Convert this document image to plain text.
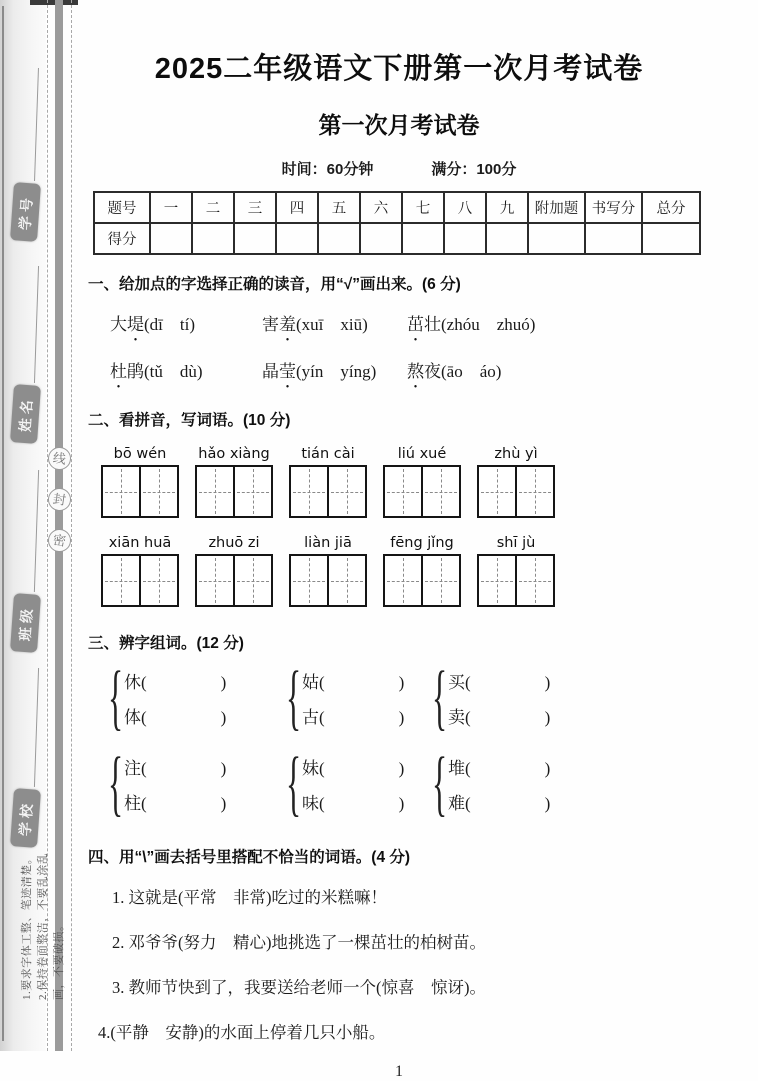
学号
姓名
班级
学校
线
封
密

1.要求字体工整、笔迹清楚。 2.保持卷面整洁，不要乱涂乱画，不要破损。

2025二年级语文下册第一次月考试卷
第一次月考试卷
时间：60分钟	满分：100分
题号	一	二	三	四	五	六	七	八	九	附加题	书写分	总分
得分												
一、给加点的字选择正确的读音，用“√”画出来。(6 分)
大堤(dī　tí)	害羞(xuī　xiū)	茁壮(zhóu　zhuó)
杜鹃(tǔ　dù)	晶莹(yín　yíng)	熬夜(āo　áo)
二、看拼音，写词语。(10 分)
bō wén	hǎo xiàng	tián cài	liú xué	zhù yì
xiān huā	zhuō zi	liàn jiā	fēng jǐng	shī jù
三、辨字组词。(12 分)
{
休(	)
体(	)
{
姑(	)
古(	)
{
买(	)
卖(	)
{
注(	)
柱(	)
{
妹(	)
味(	)
{
堆(	)
难(	)
四、用“\”画去括号里搭配不恰当的词语。(4 分)
1. 这就是(平常　非常)吃过的米糕嘛！
2. 邓爷爷(努力　精心)地挑选了一棵茁壮的柏树苗。
3. 教师节快到了，我要送给老师一个(惊喜　惊讶)。
4.(平静　安静)的水面上停着几只小船。
1
